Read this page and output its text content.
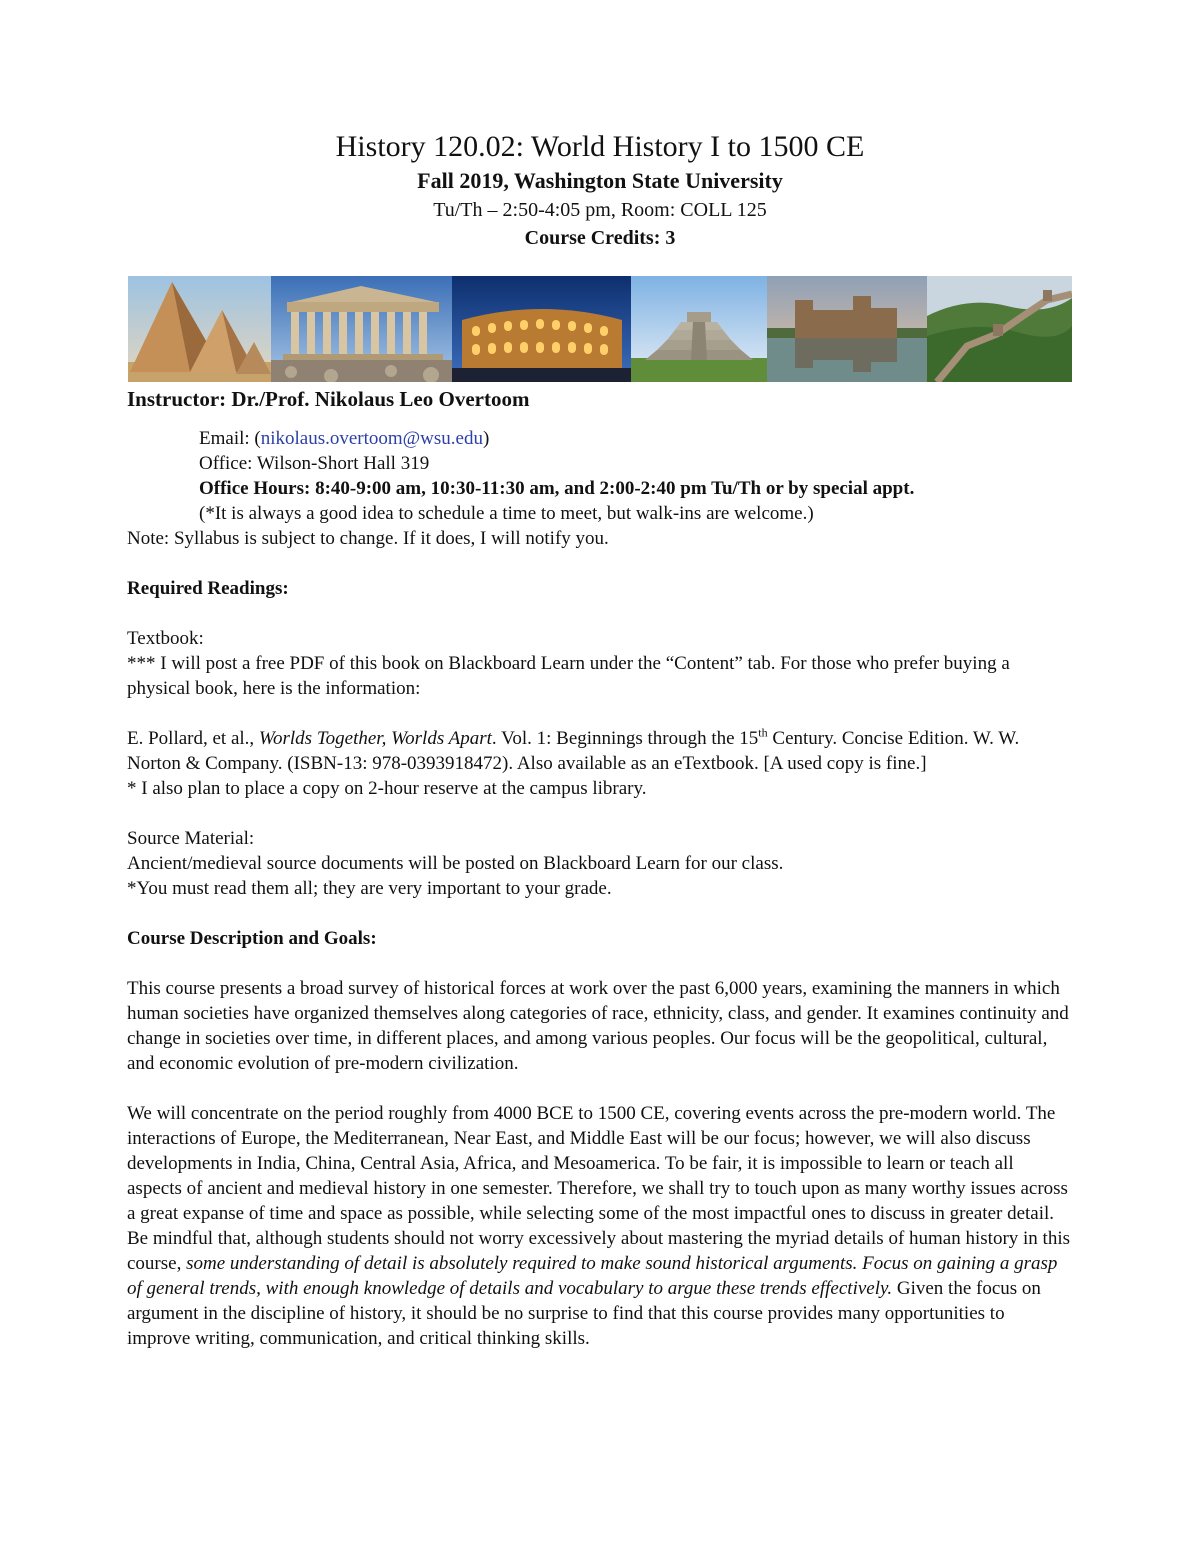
History 120.02: World History I to 1500 CE

Fall 2019, Washington State University

Tu/Th – 2:50-4:05 pm, Room: COLL 125

Course Credits: 3

Instructor: Dr./Prof. Nikolaus Leo Overtoom

Email: (nikolaus.overtoom@wsu.edu)

Office: Wilson-Short Hall 319

Office Hours: 8:40-9:00 am, 10:30-11:30 am, and 2:00-2:40 pm Tu/Th or by special appt.

(*It is always a good idea to schedule a time to meet, but walk-ins are welcome.)

Note: Syllabus is subject to change. If it does, I will notify you.

Required Readings:

Textbook:

*** I will post a free PDF of this book on Blackboard Learn under the “Content” tab. For those who prefer buying a physical book, here is the information:

E. Pollard, et al., Worlds Together, Worlds Apart. Vol. 1: Beginnings through the 15th Century. Concise Edition. W. W. Norton & Company. (ISBN-13: 978-0393918472). Also available as an eTextbook. [A used copy is fine.]

* I also plan to place a copy on 2-hour reserve at the campus library.

Source Material:

Ancient/medieval source documents will be posted on Blackboard Learn for our class.

*You must read them all; they are very important to your grade.

Course Description and Goals:

This course presents a broad survey of historical forces at work over the past 6,000 years, examining the manners in which human societies have organized themselves along categories of race, ethnicity, class, and gender. It examines continuity and change in societies over time, in different places, and among various peoples. Our focus will be the geopolitical, cultural, and economic evolution of pre-modern civilization.

We will concentrate on the period roughly from 4000 BCE to 1500 CE, covering events across the pre-modern world. The interactions of Europe, the Mediterranean, Near East, and Middle East will be our focus; however, we will also discuss developments in India, China, Central Asia, Africa, and Mesoamerica. To be fair, it is impossible to learn or teach all aspects of ancient and medieval history in one semester. Therefore, we shall try to touch upon as many worthy issues across a great expanse of time and space as possible, while selecting some of the most impactful ones to discuss in greater detail. Be mindful that, although students should not worry excessively about mastering the myriad details of human history in this course, some understanding of detail is absolutely required to make sound historical arguments. Focus on gaining a grasp of general trends, with enough knowledge of details and vocabulary to argue these trends effectively. Given the focus on argument in the discipline of history, it should be no surprise to find that this course provides many opportunities to improve writing, communication, and critical thinking skills.
